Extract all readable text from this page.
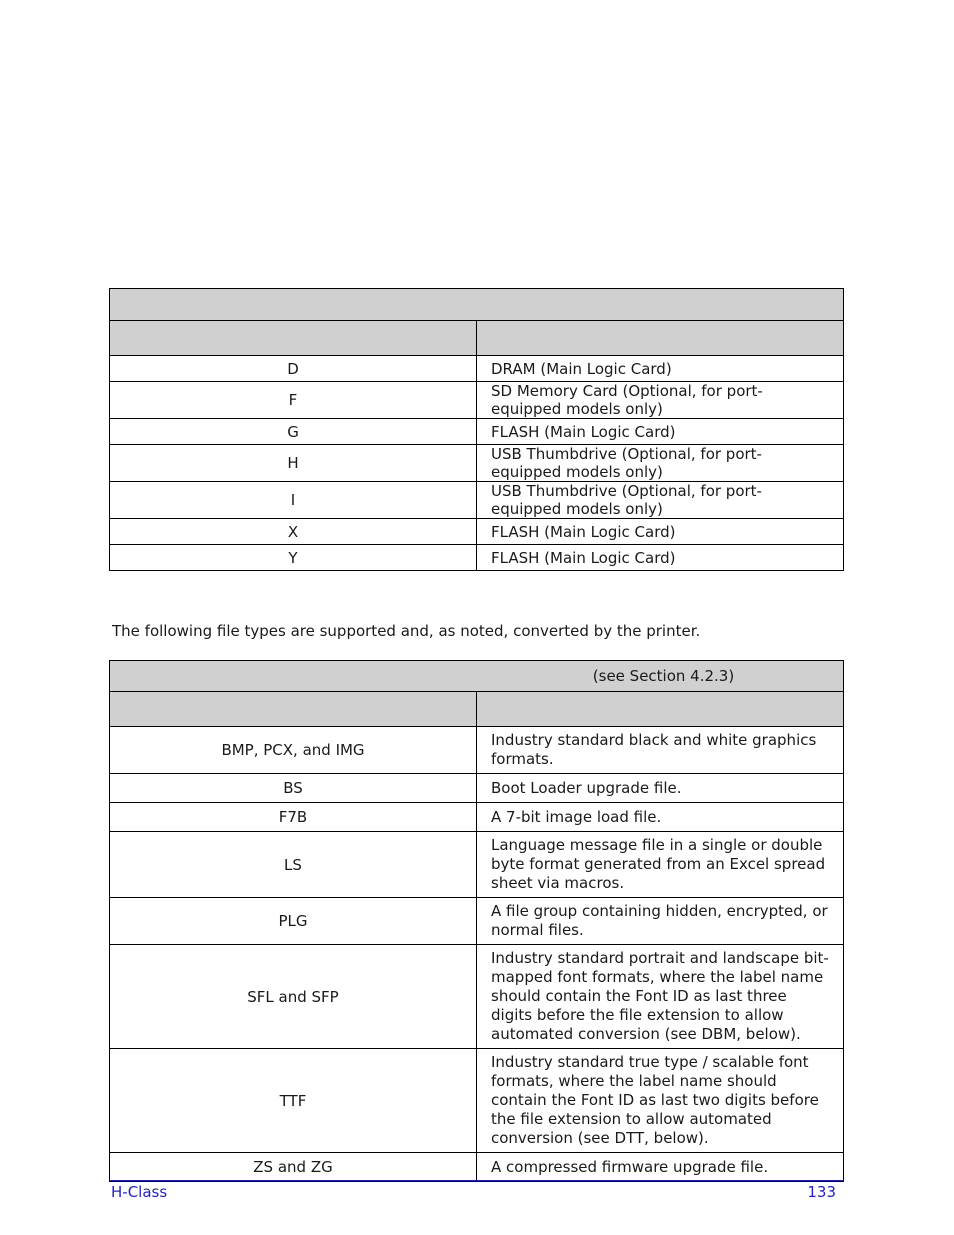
D	DRAM (Main Logic Card)
F	SD Memory Card (Optional, for port-equipped models only)
G	FLASH (Main Logic Card)
H	USB Thumbdrive (Optional, for port-equipped models only)
I	USB Thumbdrive (Optional, for port-equipped models only)
X	FLASH (Main Logic Card)
Y	FLASH (Main Logic Card)

The following file types are supported and, as noted, converted by the printer.

(see Section 4.2.3)	

BMP, PCX, and IMG	Industry standard black and white graphics formats.
BS	Boot Loader upgrade file.
F7B	A 7-bit image load file.
LS	Language message file in a single or double byte format generated from an Excel spread sheet via macros.
PLG	A file group containing hidden, encrypted, or normal files.
SFL and SFP	Industry standard portrait and landscape bit-mapped font formats, where the label name should contain the Font ID as last three digits before the file extension to allow automated conversion (see DBM, below).
TTF	Industry standard true type / scalable font formats, where the label name should contain the Font ID as last two digits before the file extension to allow automated conversion (see DTT, below).
ZS and ZG	A compressed firmware upgrade file.
H-Class	133
